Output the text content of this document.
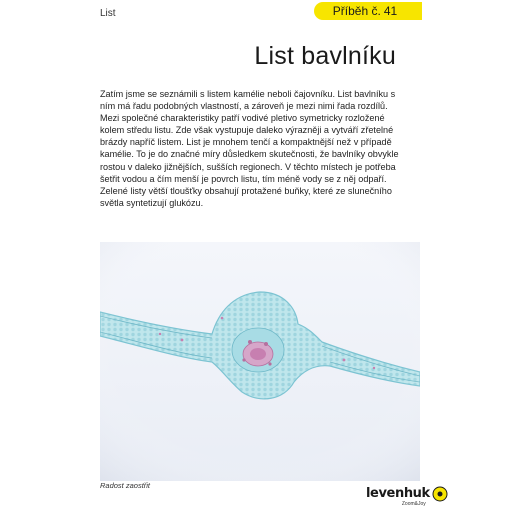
List	Příběh č. 41
List bavlníku

Zatím jsme se seznámili s listem kamélie neboli čajovníku. List bavlníku s ním má řadu podobných vlastností, a zároveň je mezi nimi řada rozdílů. Mezi společné charakteristiky patří vodivé pletivo symetricky rozložené kolem středu listu. Zde však vystupuje daleko výrazněji a vytváří zřetelné brázdy napříč listem. List je mnohem tenčí a kompaktnější než v případě kamélie. To je do značné míry důsledkem skutečnosti, že bavlníky obvykle rostou v daleko jižnějších, sušších regionech. V těchto místech je potřeba šetřit vodou a čím menší je povrch listu, tím méně vody se z něj odpaří. Zelené listy větší tloušťky obsahují protažené buňky, které ze slunečního světla syntetizují glukózu.

Radost zaostřit
levenhuk
Zoom&Joy
